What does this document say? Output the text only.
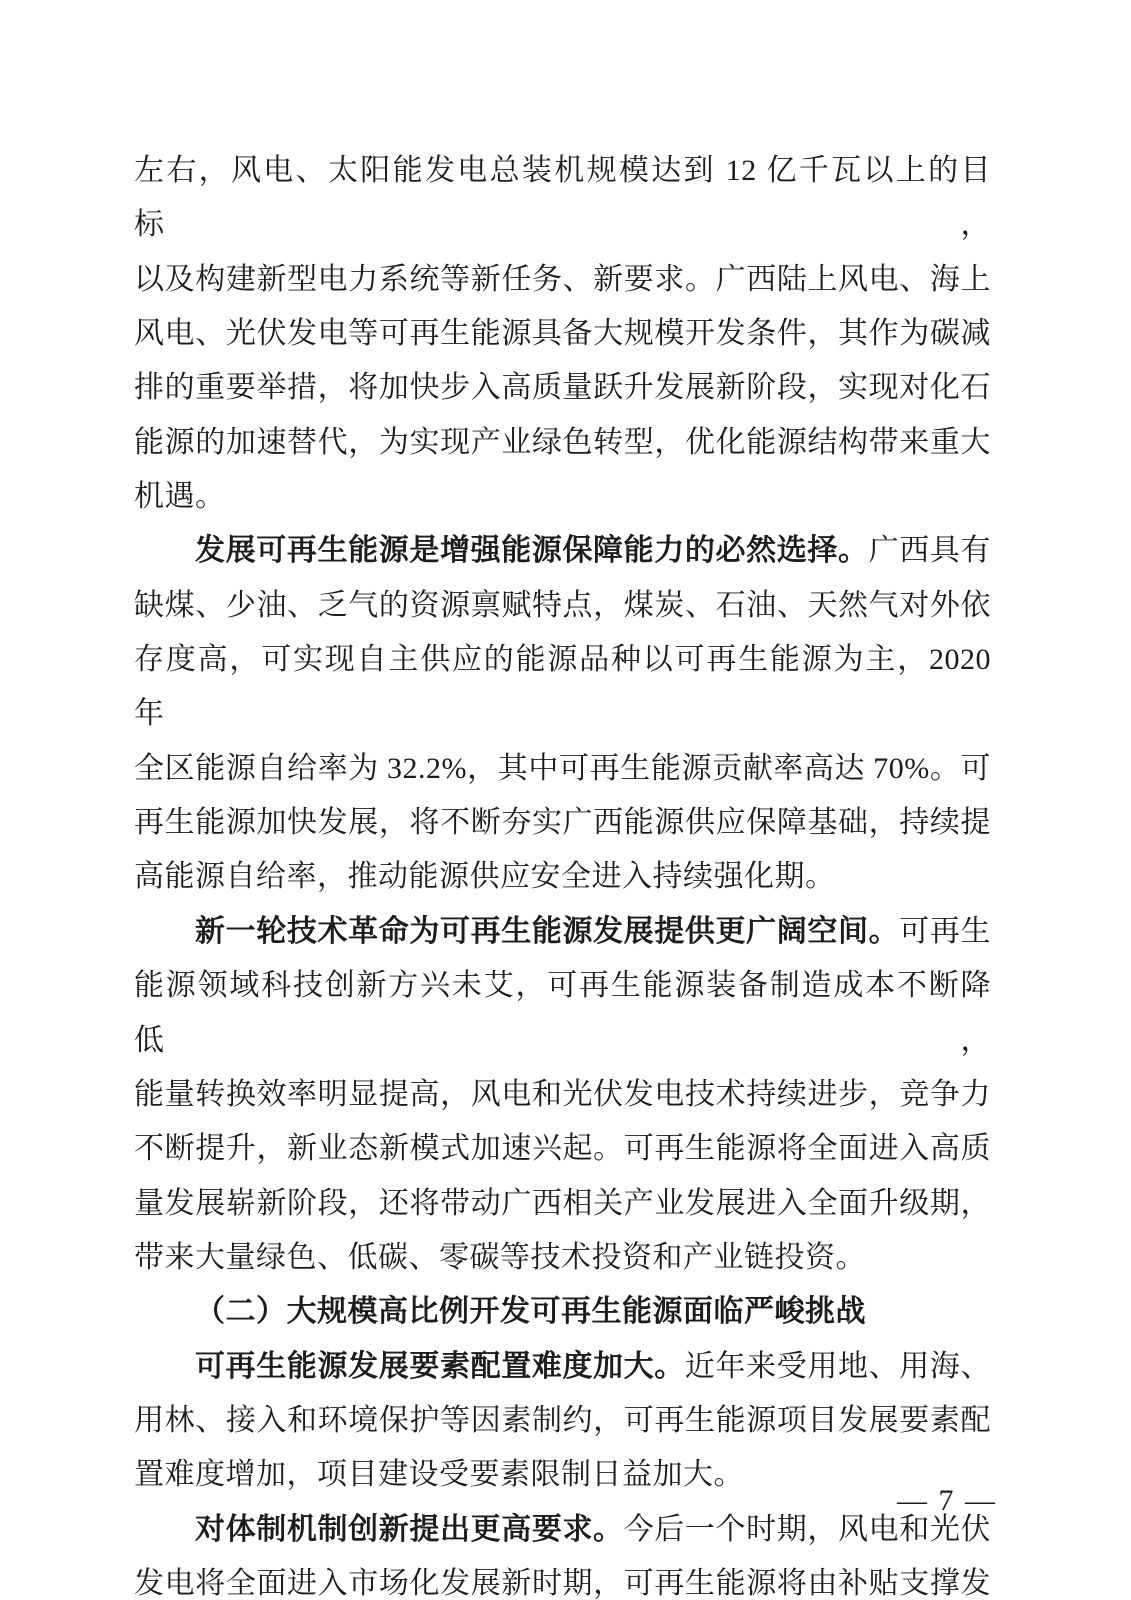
左右，风电、太阳能发电总装机规模达到 12 亿千瓦以上的目标，
以及构建新型电力系统等新任务、新要求。广西陆上风电、海上
风电、光伏发电等可再生能源具备大规模开发条件，其作为碳减
排的重要举措，将加快步入高质量跃升发展新阶段，实现对化石
能源的加速替代，为实现产业绿色转型，优化能源结构带来重大
机遇。
发展可再生能源是增强能源保障能力的必然选择。广西具有
缺煤、少油、乏气的资源禀赋特点，煤炭、石油、天然气对外依
存度高，可实现自主供应的能源品种以可再生能源为主，2020 年
全区能源自给率为 32.2%，其中可再生能源贡献率高达 70%。可
再生能源加快发展，将不断夯实广西能源供应保障基础，持续提
高能源自给率，推动能源供应安全进入持续强化期。
新一轮技术革命为可再生能源发展提供更广阔空间。可再生
能源领域科技创新方兴未艾，可再生能源装备制造成本不断降低，
能量转换效率明显提高，风电和光伏发电技术持续进步，竞争力
不断提升，新业态新模式加速兴起。可再生能源将全面进入高质
量发展崭新阶段，还将带动广西相关产业发展进入全面升级期，
带来大量绿色、低碳、零碳等技术投资和产业链投资。
（二）大规模高比例开发可再生能源面临严峻挑战
可再生能源发展要素配置难度加大。近年来受用地、用海、
用林、接入和环境保护等因素制约，可再生能源项目发展要素配
置难度增加，项目建设受要素限制日益加大。
对体制机制创新提出更高要求。今后一个时期，风电和光伏
发电将全面进入市场化发展新时期，可再生能源将由补贴支撑发
— 7 —
